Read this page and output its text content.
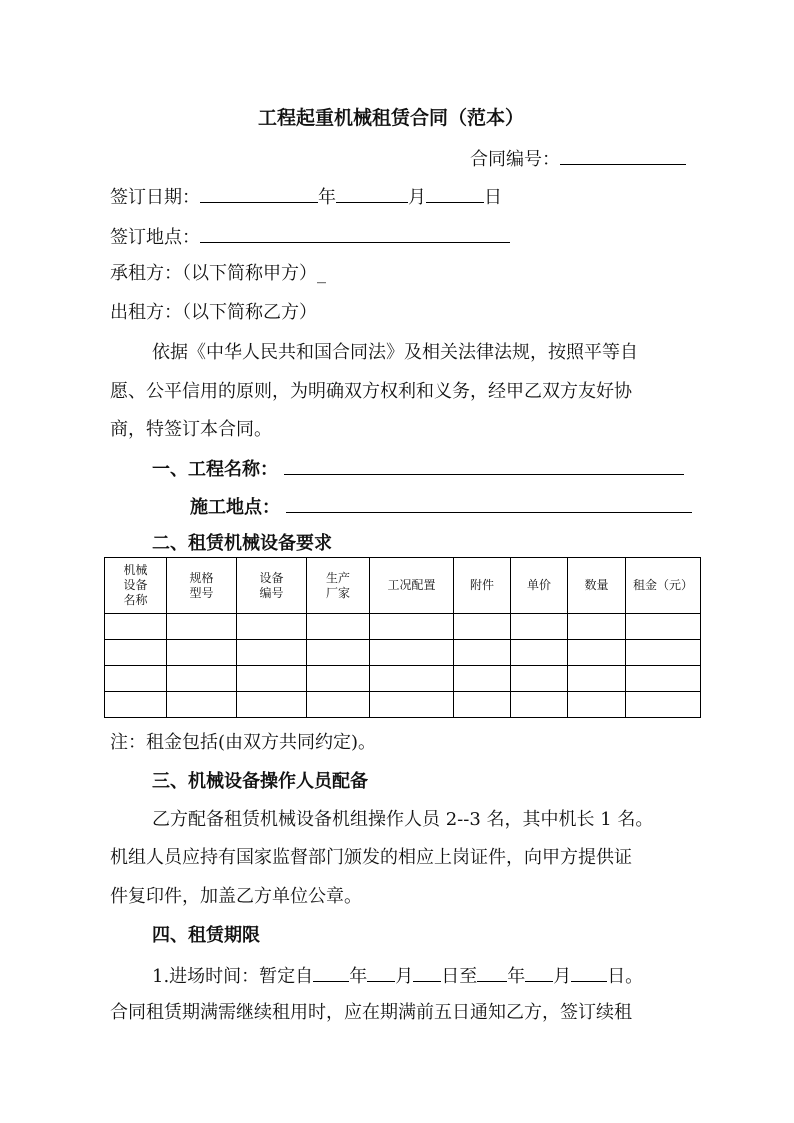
工程起重机械租赁合同（范本）
合同编号：
签订日期：	年	月	日
签订地点：
承租方：（以下简称甲方）_
出租方：（以下简称乙方）
依据《中华人民共和国合同法》及相关法律法规，按照平等自
愿、公平信用的原则，为明确双方权利和义务，经甲乙双方友好协
商，特签订本合同。
一、工程名称：
施工地点：
二、租赁机械设备要求
机械设备名称	规格型号	设备编号	生产厂家	工况配置	附件	单价	数量	租金（元）

注：租金包括(由双方共同约定)。
三、机械设备操作人员配备
乙方配备租赁机械设备机组操作人员 2--3 名，其中机长 1 名。
机组人员应持有国家监督部门颁发的相应上岗证件，向甲方提供证
件复印件，加盖乙方单位公章。
四、租赁期限
1.进场时间：暂定自 年 月 日至 年 月 日。
合同租赁期满需继续租用时，应在期满前五日通知乙方，签订续租
